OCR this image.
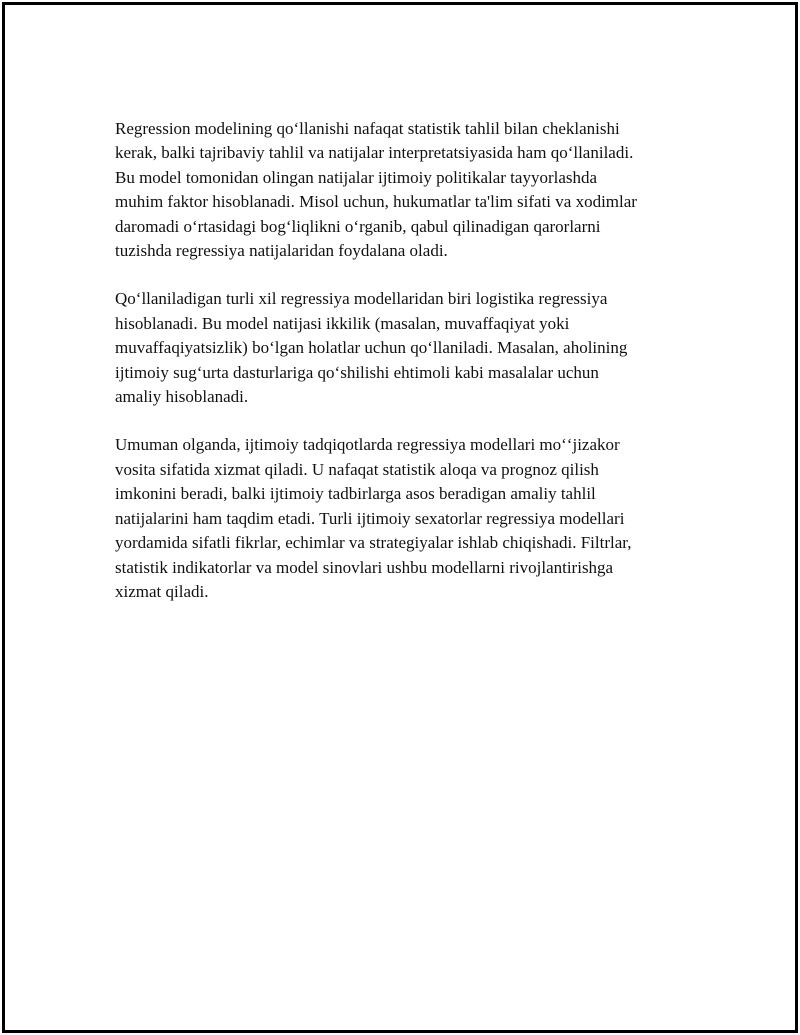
Regression modelining qoʻllanishi nafaqat statistik tahlil bilan cheklanishi
kerak, balki tajribaviy tahlil va natijalar interpretatsiyasida ham qoʻllaniladi.
Bu model tomonidan olingan natijalar ijtimoiy politikalar tayyorlashda
muhim faktor hisoblanadi. Misol uchun, hukumatlar ta'lim sifati va xodimlar
daromadi oʻrtasidagi bogʻliqlikni oʻrganib, qabul qilinadigan qarorlarni
tuzishda regressiya natijalaridan foydalana oladi.

Qoʻllaniladigan turli xil regressiya modellaridan biri logistika regressiya
hisoblanadi. Bu model natijasi ikkilik (masalan, muvaffaqiyat yoki
muvaffaqiyatsizlik) boʻlgan holatlar uchun qoʻllaniladi. Masalan, aholining
ijtimoiy sugʻurta dasturlariga qoʻshilishi ehtimoli kabi masalalar uchun
amaliy hisoblanadi.

Umuman olganda, ijtimoiy tadqiqotlarda regressiya modellari moʻʻjizakor
vosita sifatida xizmat qiladi. U nafaqat statistik aloqa va prognoz qilish
imkonini beradi, balki ijtimoiy tadbirlarga asos beradigan amaliy tahlil
natijalarini ham taqdim etadi. Turli ijtimoiy sexatorlar regressiya modellari
yordamida sifatli fikrlar, echimlar va strategiyalar ishlab chiqishadi. Filtrlar,
statistik indikatorlar va model sinovlari ushbu modellarni rivojlantirishga
xizmat qiladi.
